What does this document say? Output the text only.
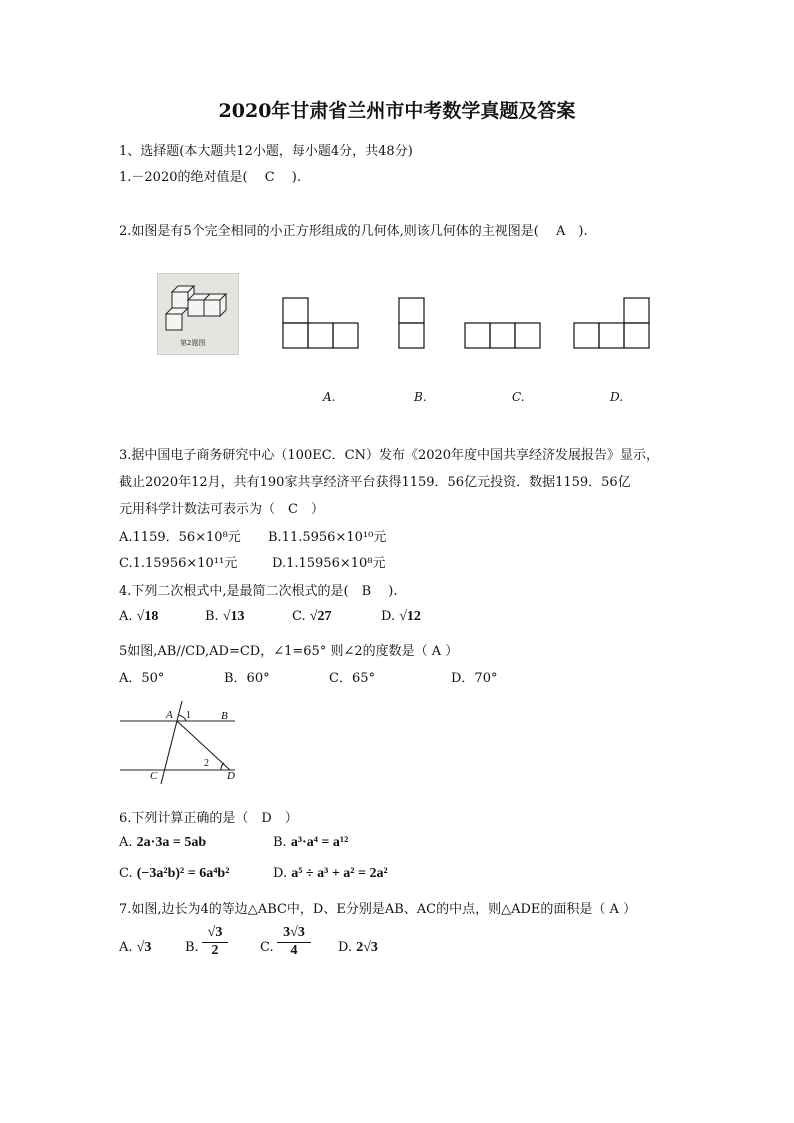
2020年甘肃省兰州市中考数学真题及答案
1、选择题(本大题共12小题，每小题4分，共48分)
1.－2020的绝对值是(　 C　 ).
2.如图是有5个完全相同的小正方形组成的几何体,则该几何体的主视图是(　 A　).
第2题图
A.	B.	C.	D.
3.据中国电子商务研究中心（100EC．CN）发布《2020年度中国共享经济发展报告》显示，
截止2020年12月，共有190家共享经济平台获得1159．56亿元投资．数据1159．56亿
元用科学计数法可表示为（　C　）
A.1159．56×10⁸元 B.11.5956×10¹⁰元
C.1.15956×10¹¹元	D.1.15956×10⁸元
4.下列二次根式中,是最简二次根式的是(　B　 ).
A. √18	B. √13	C. √27	D. √12
5如图,AB//CD,AD=CD，∠1=65° 则∠2的度数是（ A ）
A．50°	B．60°	C．65°	D．70°
A	B
C	D
1
2
6.下列计算正确的是（　D　）
A. 2a·3a = 5ab	B. a³·a⁴ = a¹²
C. (−3a²b)² = 6a⁴b²	D. a⁵ ÷ a³ + a² = 2a²
7.如图,边长为4的等边△ABC中，D、E分别是AB、AC的中点，则△ADE的面积是（ A ）
A. √3	B. $\frac{√3}{2} C$. $\frac{3√3}{4} D$. 2√3
